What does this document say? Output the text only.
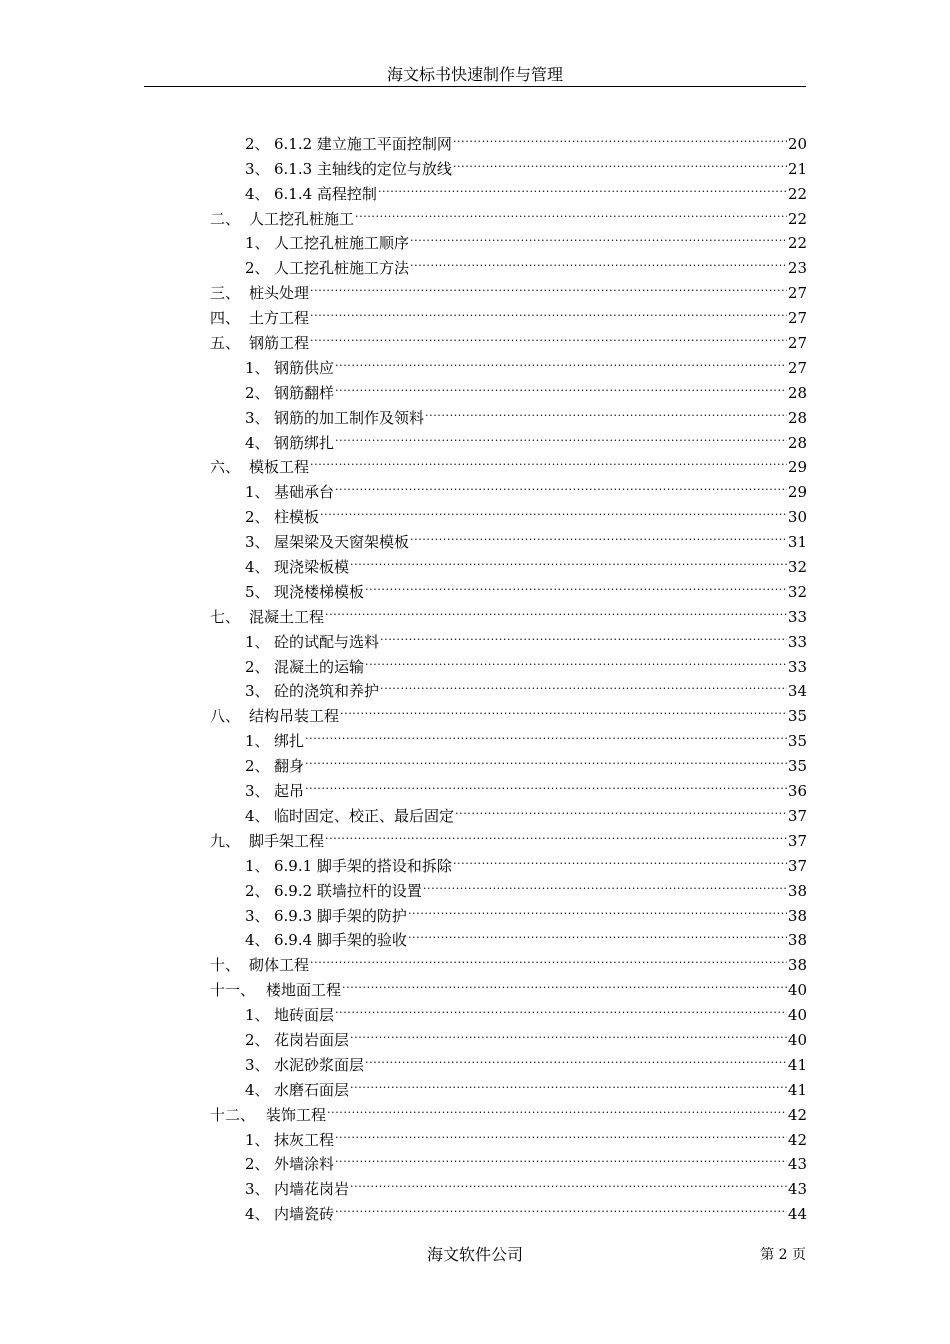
海文标书快速制作与管理
2、 6.1.2 建立施工平面控制网 .....	20
3、 6.1.3 主轴线的定位与放线 .....	21
4、 6.1.4 高程控制 .....	22
二、 人工挖孔桩施工 .....	22
1、 人工挖孔桩施工顺序 .....	22
2、 人工挖孔桩施工方法 .....	23
三、 桩头处理 .....	27
四、 土方工程 .....	27
五、 钢筋工程 .....	27
1、 钢筋供应 .....	27
2、 钢筋翻样 .....	28
3、 钢筋的加工制作及领料 .....	28
4、 钢筋绑扎 .....	28
六、 模板工程 .....	29
1、 基础承台 .....	29
2、 柱模板 .....	30
3、 屋架梁及天窗架模板 .....	31
4、 现浇梁板模 .....	32
5、 现浇楼梯模板 .....	32
七、 混凝土工程 .....	33
1、 砼的试配与选料 .....	33
2、 混凝土的运输 .....	33
3、 砼的浇筑和养护 .....	34
八、 结构吊装工程 .....	35
1、 绑扎 .....	35
2、 翻身 .....	35
3、 起吊 .....	36
4、 临时固定、校正、最后固定 .....	37
九、 脚手架工程 .....	37
1、 6.9.1 脚手架的搭设和拆除 .....	37
2、 6.9.2 联墙拉杆的设置 .....	38
3、 6.9.3 脚手架的防护 .....	38
4、 6.9.4 脚手架的验收 .....	38
十、 砌体工程 .....	38
十一、 楼地面工程 .....	40
1、 地砖面层 .....	40
2、 花岗岩面层 .....	40
3、 水泥砂浆面层 .....	41
4、 水磨石面层 .....	41
十二、 装饰工程 .....	42
1、 抹灰工程 .....	42
2、 外墙涂料 .....	43
3、 内墙花岗岩 .....	43
4、 内墙瓷砖 .....	44
海文软件公司	第 2 页
